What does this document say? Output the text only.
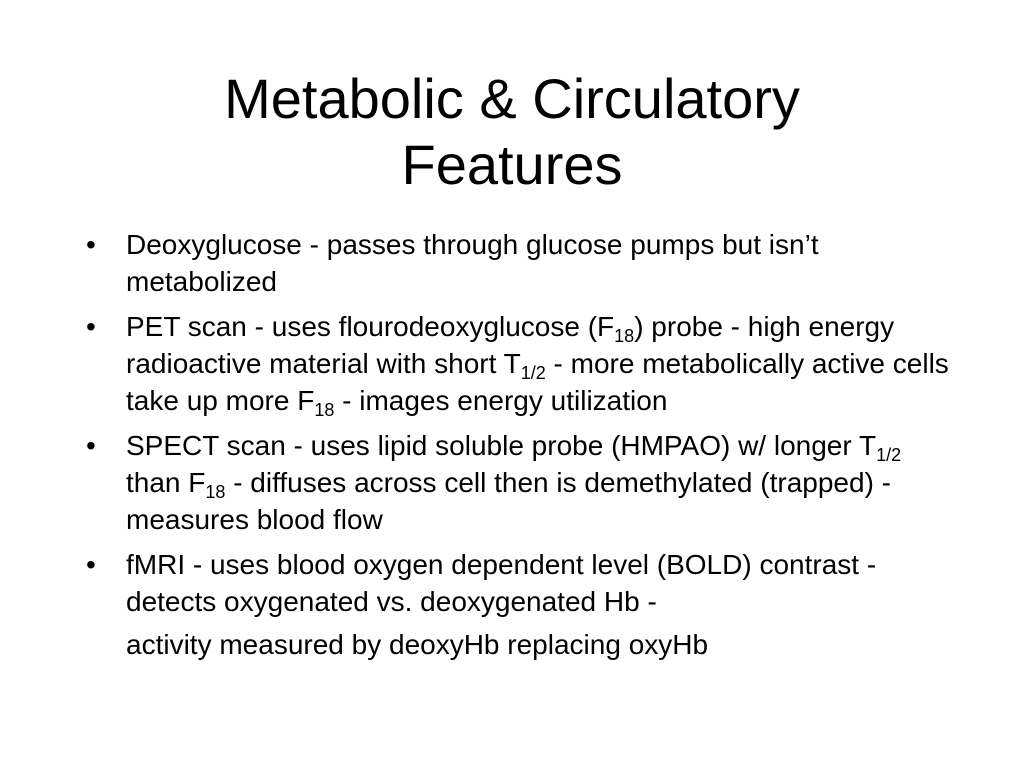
Metabolic & Circulatory
Features
•	Deoxyglucose - passes through glucose pumps but isn’t metabolized
•	PET scan - uses flourodeoxyglucose $(F_{18})$ probe - high energy radioactive material with short $T_{1/2}$ - more metabolically active cells take up more $F_{18}$ - images energy utilization
•	SPECT scan - uses lipid soluble probe (HMPAO) w/ longer $T_{1/2}$ than $F_{18}$ - diffuses across cell then is demethylated (trapped) - measures blood flow
•	fMRI - uses blood oxygen dependent level (BOLD) contrast - detects oxygenated vs. deoxygenated Hb -
activity measured by deoxyHb replacing oxyHb
